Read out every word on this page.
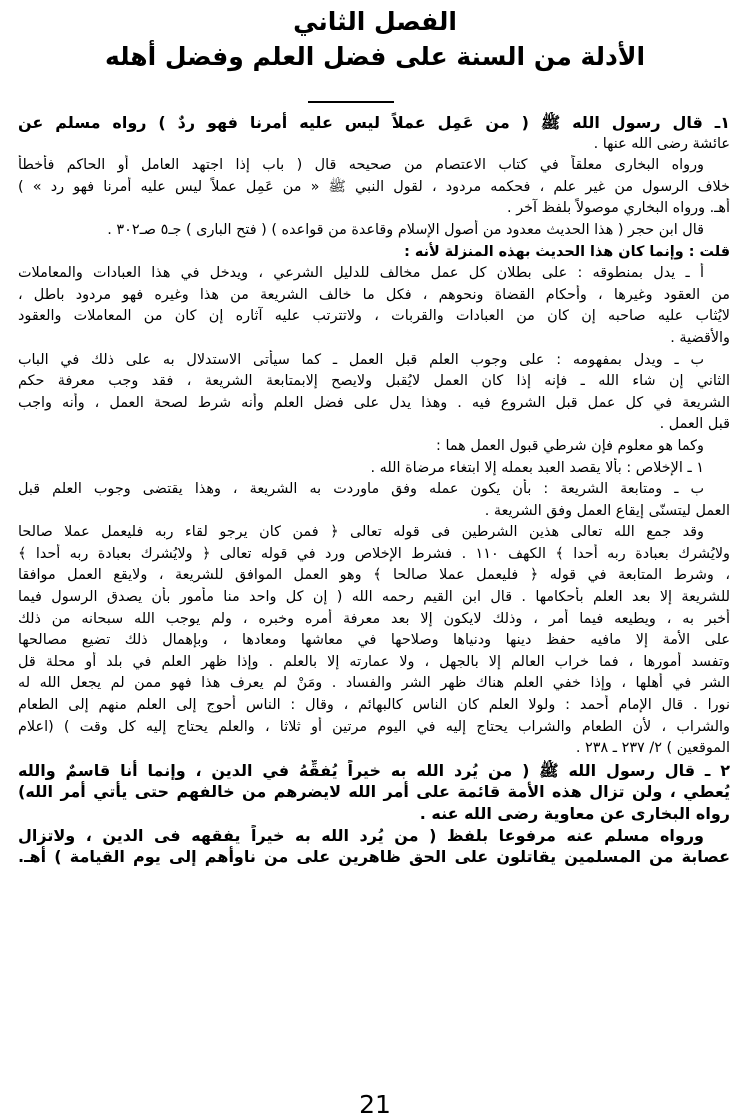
الفصل الثاني
الأدلة من السنة على فضل العلم وفضل أهله
١ـ قال رسول الله ﷺ ( من عَمِل عملاً ليس عليه أمرنا فهو ردٌ ) رواه مسلم عن
عائشة رضى الله عنها .
ورواه البخارى معلقاً في كتاب الاعتصام من صحيحه قال ( باب إذا اجتهد العامل أو الحاكم فأخطأ
خلاف الرسول من غير علم ، فحكمه مردود ، لقول النبي ﷺ « من عَمِل عملاً ليس عليه أمرنا فهو رد » )
أهـ. ورواه البخاري موصولاً بلفظ آخر .
قال ابن حجر ( هذا الحديث معدود من أصول الإسلام وقاعدة من قواعده ) ( فتح البارى ) جـ٥ صـ٣٠٢ .
قلت : وإنما كان هذا الحديث بهذه المنزلة لأنه :
أ ـ يدل بمنطوقه : على بطلان كل عمل مخالف للدليل الشرعي ، ويدخل في هذا العبادات والمعاملات
من العقود وغيرها ، وأحكام القضاة ونحوهم ، فكل ما خالف الشريعة من هذا وغيره فهو مردود باطل ،
لايُثاب عليه صاحبه إن كان من العبادات والقربات ، ولاتترتب عليه آثاره إن كان من المعاملات والعقود
والأقضية .
ب ـ ويدل بمفهومه : على وجوب العلم قبل العمل ـ كما سيأتى الاستدلال به على ذلك في الباب
الثاني إن شاء الله ـ فإنه إذا كان العمل لايُقبل ولايصح إلابمتابعة الشريعة ، فقد وجب معرفة حكم
الشريعة في كل عمل قبل الشروع فيه . وهذا يدل على فضل العلم وأنه شرط لصحة العمل ، وأنه واجب
قبل العمل .
وكما هو معلوم فإن شرطي قبول العمل هما :
١ ـ الإخلاص : بألا يقصد العبد بعمله إلا ابتغاء مرضاة الله .
ب ـ ومتابعة الشريعة : بأن يكون عمله وفق ماوردت به الشريعة ، وهذا يقتضى وجوب العلم قبل
العمل ليتسنّى إيقاع العمل وفق الشريعة .
وقد جمع الله تعالى هذين الشرطين فى قوله تعالى ﴿ فمن كان يرجو لقاء ربه فليعمل عملا صالحا
ولايُشرك بعبادة ربه أحدا ﴾ الكهف ١١٠ . فشرط الإخلاص ورد في قوله تعالى ﴿ ولايُشرك بعبادة ربه أحدا ﴾
، وشرط المتابعة في قوله ﴿ فليعمل عملا صالحا ﴾ وهو العمل الموافق للشريعة ، ولايقع العمل موافقا
للشريعة إلا بعد العلم بأحكامها . قال ابن القيم رحمه الله ( إن كل واحد منا مأمور بأن يصدق الرسول فيما
أخبر به ، ويطيعه فيما أمر ، وذلك لايكون إلا بعد معرفة أمره وخبره ، ولم يوجب الله سبحانه من ذلك
على الأمة إلا مافيه حفظ دينها ودنياها وصلاحها في معاشها ومعادها ، وبإهمال ذلك تضيع مصالحها
وتفسد أمورها ، فما خراب العالم إلا بالجهل ، ولا عمارته إلا بالعلم . وإذا ظهر العلم في بلد أو محلة قل
الشر في أهلها ، وإذا خفي العلم هناك ظهر الشر والفساد . ومَنْ لم يعرف هذا فهو ممن لم يجعل الله له
نورا . قال الإمام أحمد : ولولا العلم كان الناس كالبهائم ، وقال : الناس أحوج إلى العلم منهم إلى الطعام
والشراب ، لأن الطعام والشراب يحتاج إليه في اليوم مرتين أو ثلاثا ، والعلم يحتاج إليه كل وقت ) (اعلام
الموقعين ) ٢/ ٢٣٧ ـ ٢٣٨ .
٢ ـ قال رسول الله ﷺ ( من يُرد الله به خيراً يُفقِّهُ في الدين ، وإنما أنا قاسمٌ والله
يُعطي ، ولن تزال هذه الأمة قائمة على أمر الله لايضرهم من خالفهم حتى يأتي أمر الله)
رواه البخارى عن معاوية رضى الله عنه .
ورواه مسلم عنه مرفوعا بلفظ ( من يُرد الله به خيراً يفقهه فى الدين ، ولاتزال
عصابة من المسلمين يقاتلون على الحق ظاهرين على من ناوأهم إلى يوم القيامة ) أهـ.
21
